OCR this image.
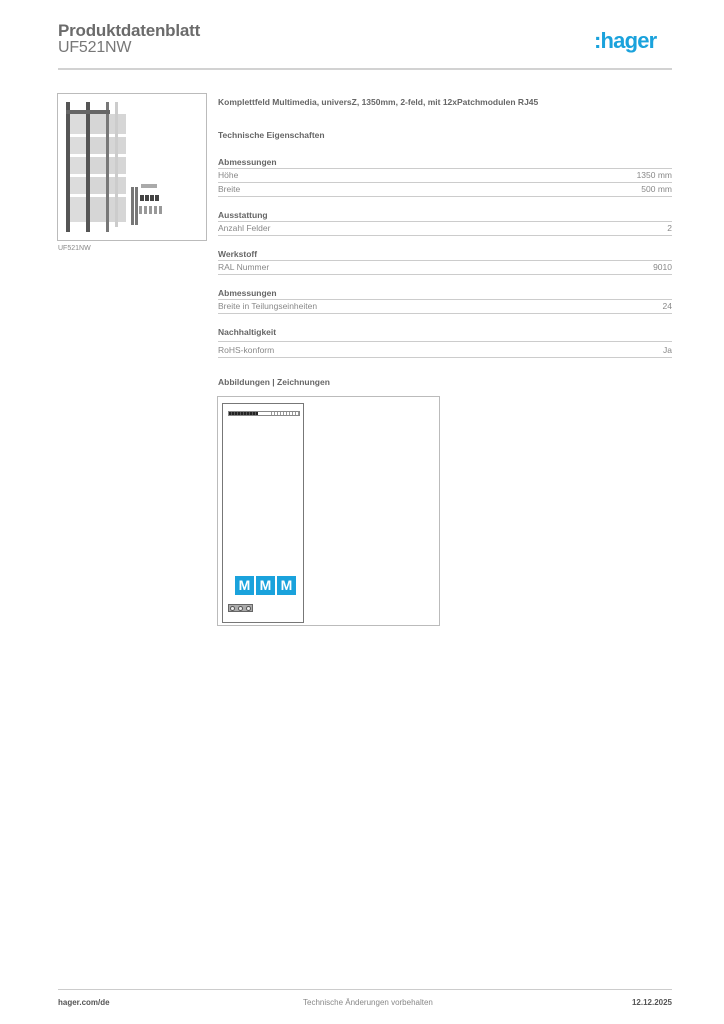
Produktdatenblatt
UF521NW	:hager
UF521NW
Komplettfeld Multimedia, universZ, 1350mm, 2-feld, mit 12xPatchmodulen RJ45
Technische Eigenschaften
Abmessungen
Höhe	1350 mm
Breite	500 mm
Ausstattung
Anzahl Felder	2
Werkstoff
RAL Nummer	9010
Abmessungen
Breite in Teilungseinheiten	24
Nachhaltigkeit
RoHS-konform	Ja
Abbildungen | Zeichnungen
M M M
hager.com/de	Technische Änderungen vorbehalten	12.12.2025
